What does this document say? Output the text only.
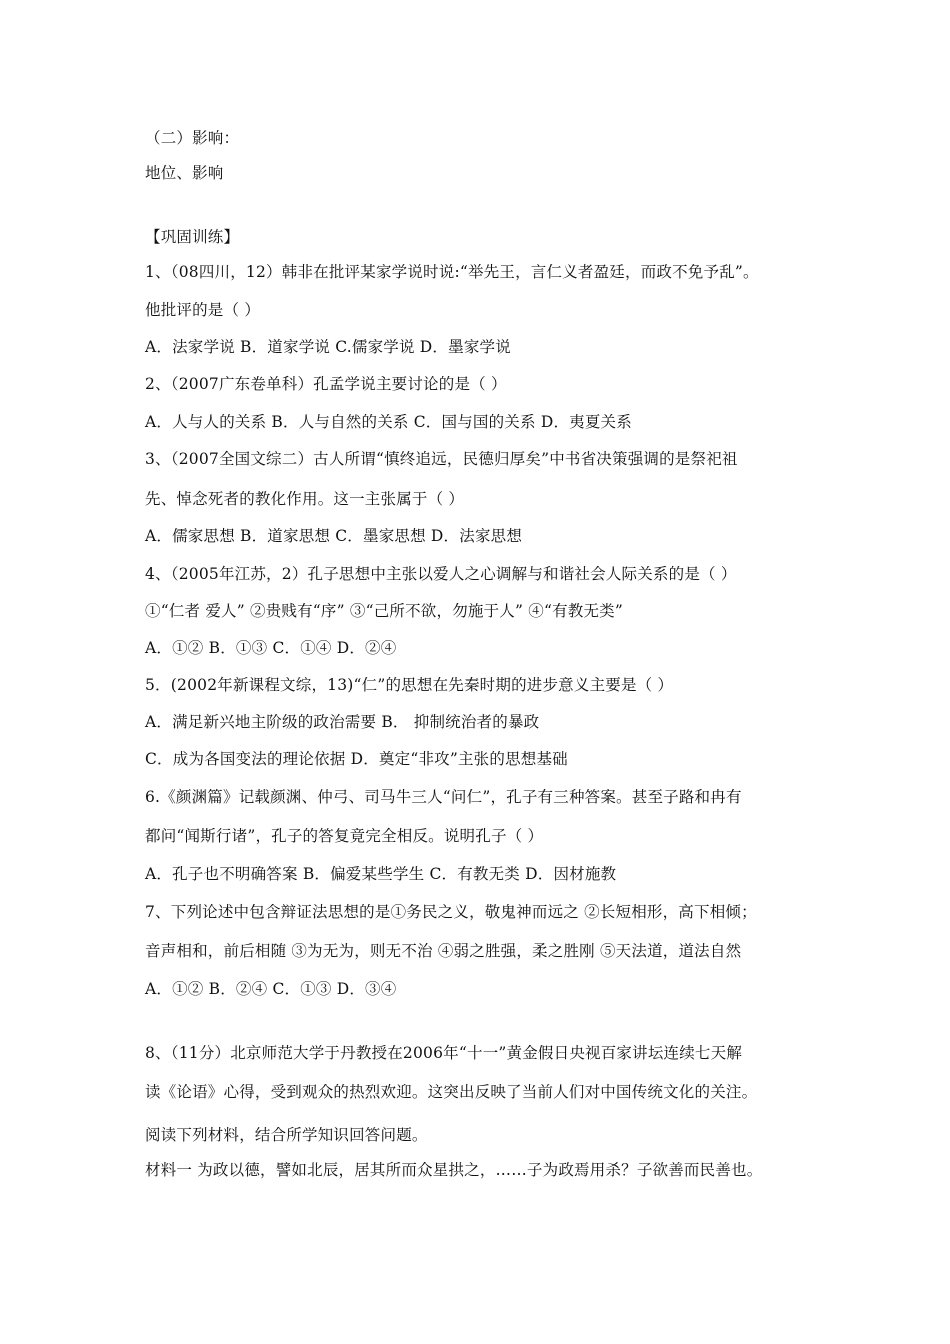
（二）影响：
地位、影响
【巩固训练】
1、（08四川，12）韩非在批评某家学说时说:“举先王，言仁义者盈廷，而政不免予乱”。
他批评的是（ ）
A．法家学说 B．道家学说 C.儒家学说 D．墨家学说
2、（2007广东卷单科）孔孟学说主要讨论的是（ ）
A．人与人的关系 B．人与自然的关系 C．国与国的关系 D．夷夏关系
3、（2007全国文综二）古人所谓“慎终追远，民德归厚矣”中书省决策强调的是祭祀祖
先、悼念死者的教化作用。这一主张属于（ ）
A．儒家思想 B．道家思想 C．墨家思想 D．法家思想
4、（2005年江苏，2）孔子思想中主张以爱人之心调解与和谐社会人际关系的是（ ）
①“仁者 爱人” ②贵贱有“序” ③“己所不欲，勿施于人” ④“有教无类”
A．①② B．①③ C．①④ D．②④
5．(2002年新课程文综，13)“仁”的思想在先秦时期的进步意义主要是（ ）
A．满足新兴地主阶级的政治需要 B． 抑制统治者的暴政
C．成为各国变法的理论依据 D．奠定“非攻”主张的思想基础
6.《颜渊篇》记载颜渊、仲弓、司马牛三人“问仁”，孔子有三种答案。甚至子路和冉有
都问“闻斯行诸”，孔子的答复竟完全相反。说明孔子（ ）
A．孔子也不明确答案 B．偏爱某些学生 C．有教无类 D．因材施教
7、下列论述中包含辩证法思想的是①务民之义，敬鬼神而远之 ②长短相形，高下相倾；
音声相和，前后相随 ③为无为，则无不治 ④弱之胜强，柔之胜刚 ⑤天法道，道法自然
A．①② B．②④ C．①③ D．③④
8、（11分）北京师范大学于丹教授在2006年“十一”黄金假日央视百家讲坛连续七天解
读《论语》心得，受到观众的热烈欢迎。这突出反映了当前人们对中国传统文化的关注。
阅读下列材料，结合所学知识回答问题。
材料一 为政以德，譬如北辰，居其所而众星拱之，……子为政焉用杀？子欲善而民善也。
